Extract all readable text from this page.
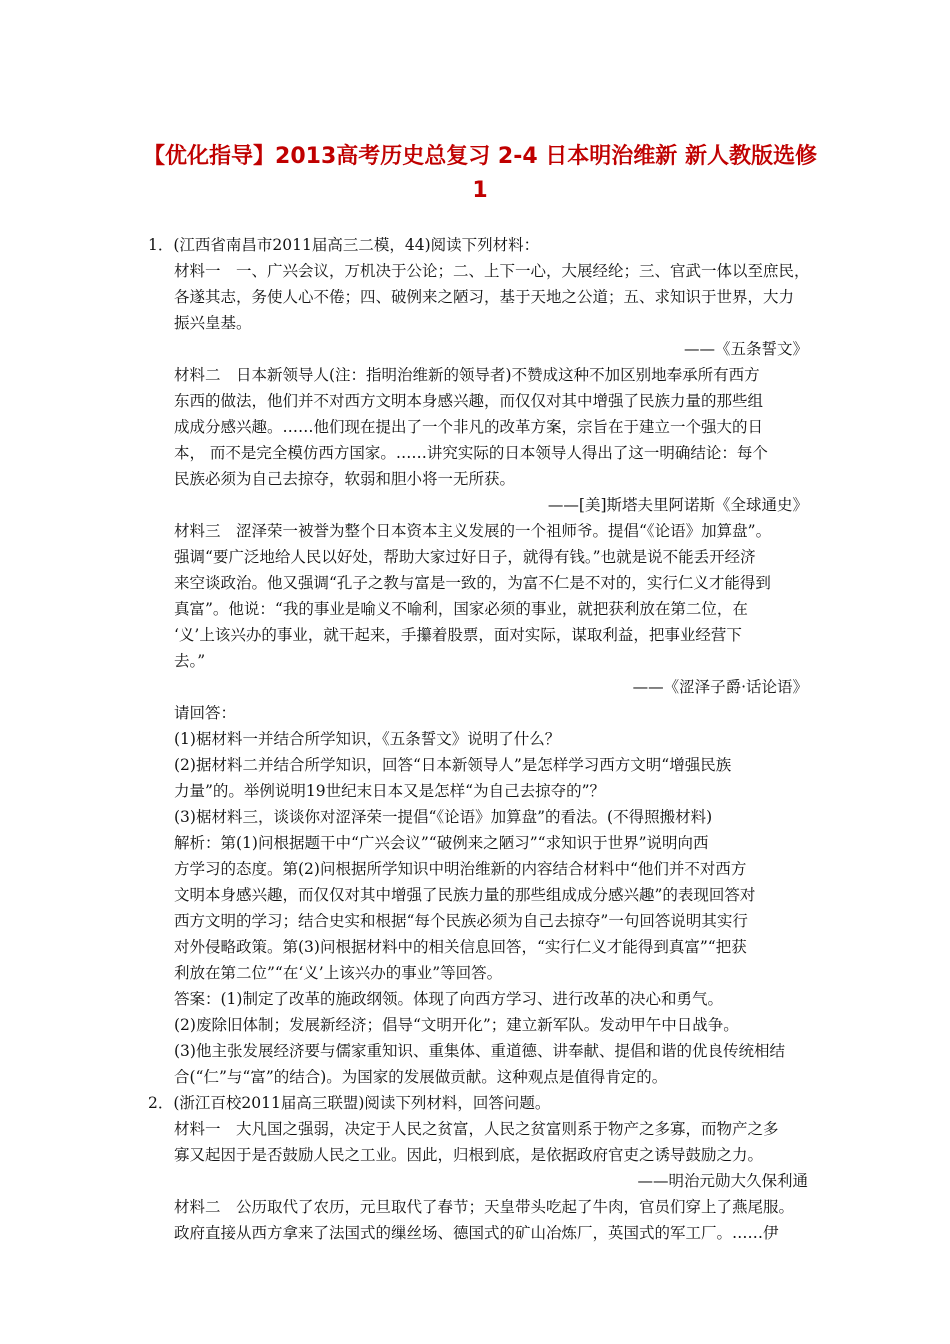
【优化指导】2013高考历史总复习 2-4 日本明治维新 新人教版选修
1
1．(江西省南昌市2011届高三二模，44)阅读下列材料：
材料一　一、广兴会议，万机决于公论；二、上下一心，大展经纶；三、官武一体以至庶民，
各遂其志，务使人心不倦；四、破例来之陋习，基于天地之公道；五、求知识于世界，大力
振兴皇基。
——《五条誓文》
材料二　日本新领导人(注：指明治维新的领导者)不赞成这种不加区别地奉承所有西方
东西的做法，他们并不对西方文明本身感兴趣，而仅仅对其中增强了民族力量的那些组
成成分感兴趣。……他们现在提出了一个非凡的改革方案，宗旨在于建立一个强大的日
本， 而不是完全模仿西方国家。……讲究实际的日本领导人得出了这一明确结论：每个
民族必须为自己去掠夺，软弱和胆小将一无所获。
——[美]斯塔夫里阿诺斯《全球通史》
材料三　涩泽荣一被誉为整个日本资本主义发展的一个祖师爷。提倡“《论语》加算盘”。
强调“要广泛地给人民以好处，帮助大家过好日子，就得有钱。”也就是说不能丢开经济
来空谈政治。他又强调“孔子之教与富是一致的，为富不仁是不对的，实行仁义才能得到
真富”。他说：“我的事业是喻义不喻利，国家必须的事业，就把获利放在第二位，在
‘义’上该兴办的事业，就干起来，手攥着股票，面对实际，谋取利益，把事业经营下
去。”
——《涩泽子爵·话论语》
请回答：
(1)椐材料一并结合所学知识，《五条誓文》说明了什么？
(2)据材料二并结合所学知识，回答“日本新领导人”是怎样学习西方文明“增强民族
力量”的。举例说明19世纪末日本又是怎样“为自己去掠夺的”？
(3)椐材料三，谈谈你对涩泽荣一提倡“《论语》加算盘”的看法。(不得照搬材料)
解析：第(1)问根据题干中“广兴会议”“破例来之陋习”“求知识于世界”说明向西
方学习的态度。第(2)问根据所学知识中明治维新的内容结合材料中“他们并不对西方
文明本身感兴趣，而仅仅对其中增强了民族力量的那些组成成分感兴趣”的表现回答对
西方文明的学习；结合史实和根据“每个民族必须为自己去掠夺”一句回答说明其实行
对外侵略政策。第(3)问根据材料中的相关信息回答，“实行仁义才能得到真富”“把获
利放在第二位”“在‘义’上该兴办的事业”等回答。
答案：(1)制定了改革的施政纲领。体现了向西方学习、进行改革的决心和勇气。
(2)废除旧体制；发展新经济；倡导“文明开化”；建立新军队。发动甲午中日战争。
(3)他主张发展经济要与儒家重知识、重集体、重道德、讲奉献、提倡和谐的优良传统相结
合(“仁”与“富”的结合)。为国家的发展做贡献。这种观点是值得肯定的。
2．(浙江百校2011届高三联盟)阅读下列材料，回答问题。
材料一　大凡国之强弱，决定于人民之贫富，人民之贫富则系于物产之多寡，而物产之多
寡又起因于是否鼓励人民之工业。因此，归根到底，是依据政府官吏之诱导鼓励之力。
——明治元勋大久保利通
材料二　公历取代了农历，元旦取代了春节；天皇带头吃起了牛肉，官员们穿上了燕尾服。
政府直接从西方拿来了法国式的缫丝场、德国式的矿山冶炼厂，英国式的军工厂。……伊
